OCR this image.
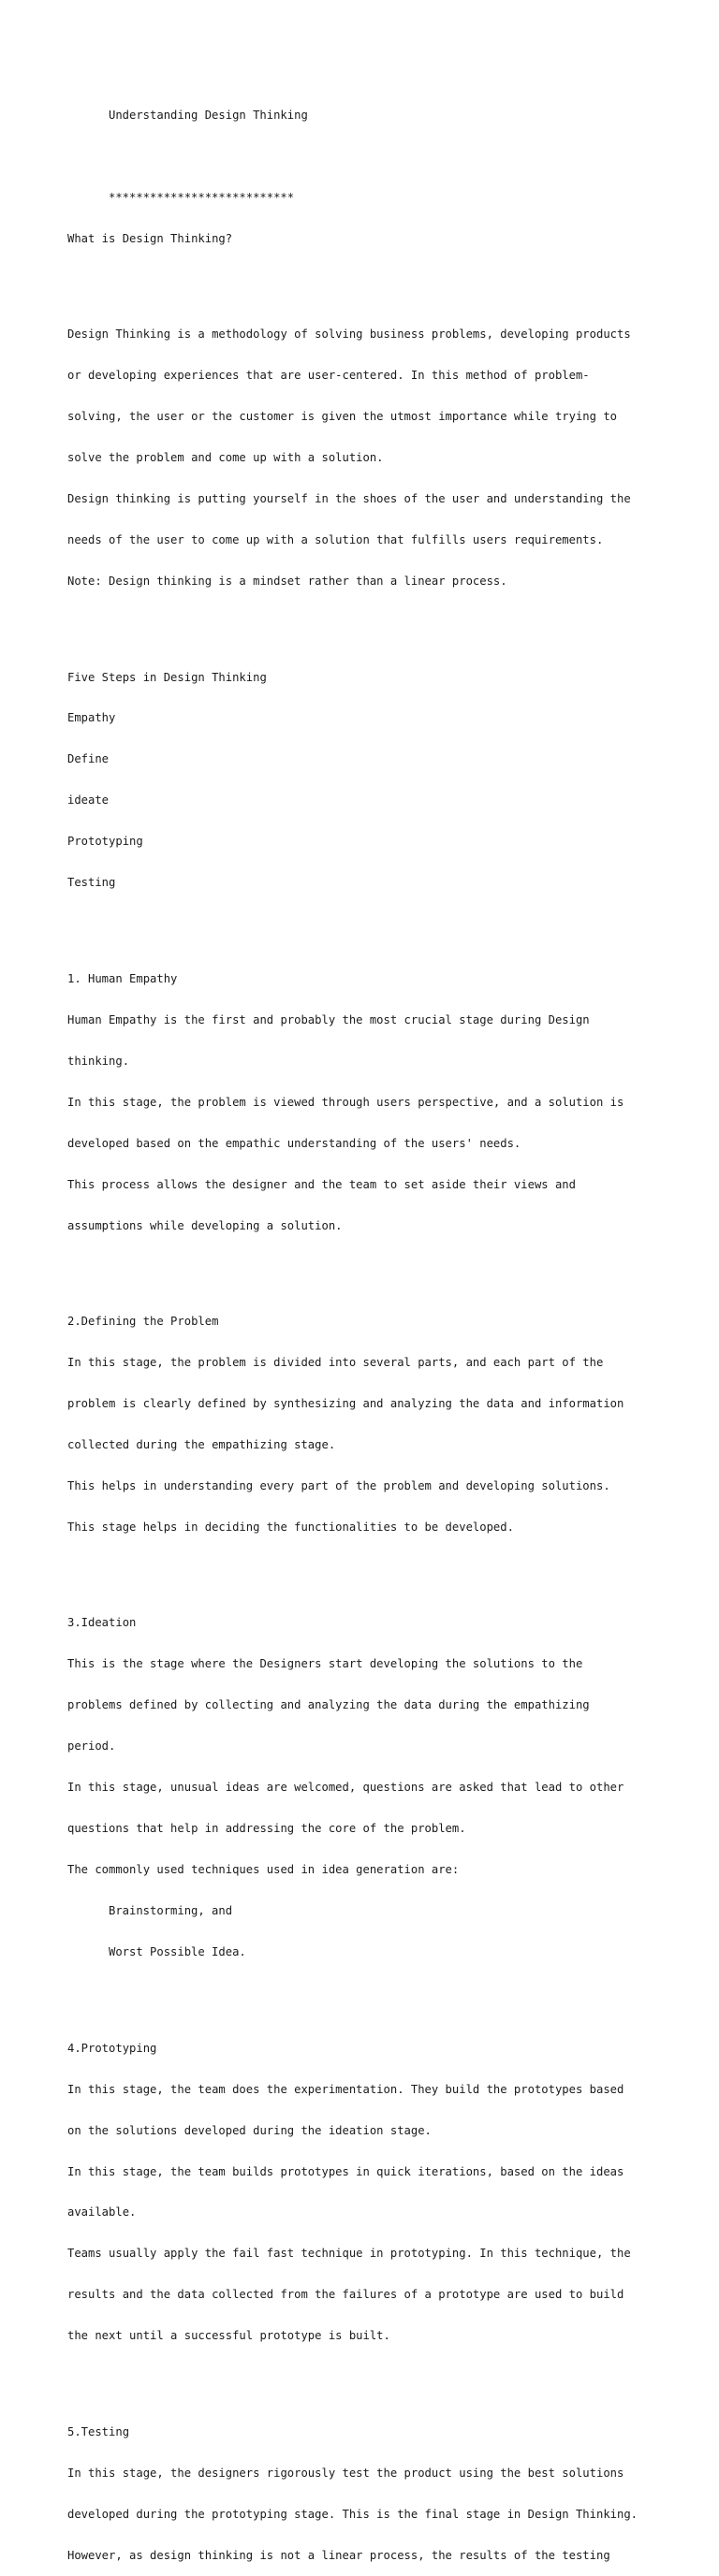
Understanding Design Thinking

***************************

What is Design Thinking?

Design Thinking is a methodology of solving business problems, developing products

or developing experiences that are user-centered. In this method of problem-

solving, the user or the customer is given the utmost importance while trying to

solve the problem and come up with a solution.

Design thinking is putting yourself in the shoes of the user and understanding the

needs of the user to come up with a solution that fulfills users requirements.

Note: Design thinking is a mindset rather than a linear process.

Five Steps in Design Thinking

Empathy

Define

ideate

Prototyping

Testing

1. Human Empathy

Human Empathy is the first and probably the most crucial stage during Design

thinking.

In this stage, the problem is viewed through users perspective, and a solution is

developed based on the empathic understanding of the users' needs.

This process allows the designer and the team to set aside their views and

assumptions while developing a solution.

2.Defining the Problem

In this stage, the problem is divided into several parts, and each part of the

problem is clearly defined by synthesizing and analyzing the data and information

collected during the empathizing stage.

This helps in understanding every part of the problem and developing solutions.

This stage helps in deciding the functionalities to be developed.

3.Ideation

This is the stage where the Designers start developing the solutions to the

problems defined by collecting and analyzing the data during the empathizing

period.

In this stage, unusual ideas are welcomed, questions are asked that lead to other

questions that help in addressing the core of the problem.

The commonly used techniques used in idea generation are:

Brainstorming, and

Worst Possible Idea.

4.Prototyping

In this stage, the team does the experimentation. They build the prototypes based

on the solutions developed during the ideation stage.

In this stage, the team builds prototypes in quick iterations, based on the ideas

available.

Teams usually apply the fail fast technique in prototyping. In this technique, the

results and the data collected from the failures of a prototype are used to build

the next until a successful prototype is built.

5.Testing

In this stage, the designers rigorously test the product using the best solutions

developed during the prototyping stage. This is the final stage in Design Thinking.

However, as design thinking is not a linear process, the results of the testing
